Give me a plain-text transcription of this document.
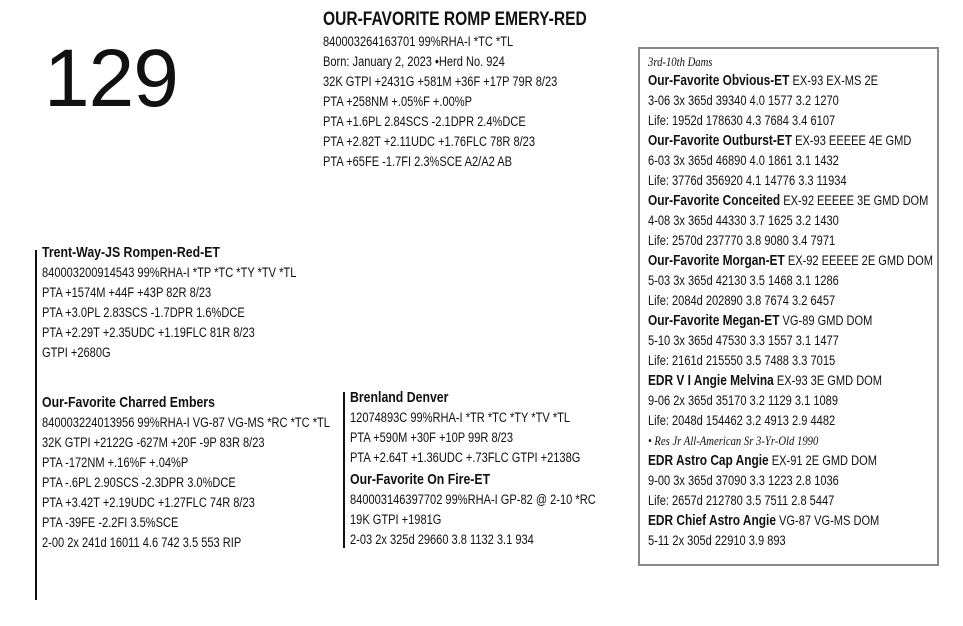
129
OUR-FAVORITE ROMP EMERY-RED
840003264163701 99%RHA-I *TC *TL
Born: January 2, 2023 •Herd No. 924
32K GTPI +2431G +581M +36F +17P 79R 8/23
PTA +258NM +.05%F +.00%P
PTA +1.6PL 2.84SCS -2.1DPR 2.4%DCE
PTA +2.82T +2.11UDC +1.76FLC 78R 8/23
PTA +65FE -1.7FI 2.3%SCE A2/A2 AB
Trent-Way-JS Rompen-Red-ET
840003200914543 99%RHA-I *TP *TC *TY *TV *TL
PTA +1574M +44F +43P 82R 8/23
PTA +3.0PL 2.83SCS -1.7DPR 1.6%DCE
PTA +2.29T +2.35UDC +1.19FLC 81R 8/23
GTPI +2680G
Our-Favorite Charred Embers
840003224013956 99%RHA-I VG-87 VG-MS *RC *TC *TL
32K GTPI +2122G -627M +20F -9P 83R 8/23
PTA -172NM +.16%F +.04%P
PTA -.6PL 2.90SCS -2.3DPR 3.0%DCE
PTA +3.42T +2.19UDC +1.27FLC 74R 8/23
PTA -39FE -2.2FI 3.5%SCE
2-00 2x 241d 16011 4.6 742 3.5 553 RIP
Brenland Denver
12074893C 99%RHA-I *TR *TC *TY *TV *TL
PTA +590M +30F +10P 99R 8/23
PTA +2.64T +1.36UDC +.73FLC GTPI +2138G
Our-Favorite On Fire-ET
840003146397702 99%RHA-I GP-82 @ 2-10 *RC
19K GTPI +1981G
2-03 2x 325d 29660 3.8 1132 3.1 934
3rd-10th Dams
Our-Favorite Obvious-ET EX-93 EX-MS 2E
3-06 3x 365d 39340 4.0 1577 3.2 1270
Life: 1952d 178630 4.3 7684 3.4 6107
Our-Favorite Outburst-ET EX-93 EEEEE 4E GMD
6-03 3x 365d 46890 4.0 1861 3.1 1432
Life: 3776d 356920 4.1 14776 3.3 11934
Our-Favorite Conceited EX-92 EEEEE 3E GMD DOM
4-08 3x 365d 44330 3.7 1625 3.2 1430
Life: 2570d 237770 3.8 9080 3.4 7971
Our-Favorite Morgan-ET EX-92 EEEEE 2E GMD DOM
5-03 3x 365d 42130 3.5 1468 3.1 1286
Life: 2084d 202890 3.8 7674 3.2 6457
Our-Favorite Megan-ET VG-89 GMD DOM
5-10 3x 365d 47530 3.3 1557 3.1 1477
Life: 2161d 215550 3.5 7488 3.3 7015
EDR V I Angie Melvina EX-93 3E GMD DOM
9-06 2x 365d 35170 3.2 1129 3.1 1089
Life: 2048d 154462 3.2 4913 2.9 4482
• Res Jr All-American Sr 3-Yr-Old 1990
EDR Astro Cap Angie EX-91 2E GMD DOM
9-00 3x 365d 37090 3.3 1223 2.8 1036
Life: 2657d 212780 3.5 7511 2.8 5447
EDR Chief Astro Angie VG-87 VG-MS DOM
5-11 2x 305d 22910 3.9 893
